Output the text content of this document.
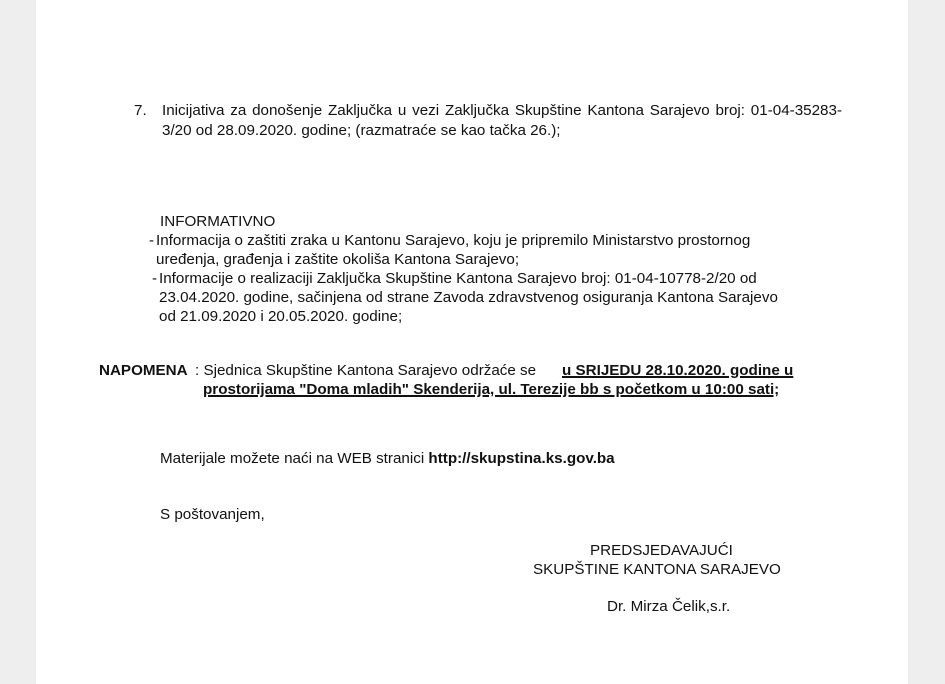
7. Inicijativa za donošenje Zaključka u vezi Zaključka Skupštine Kantona Sarajevo broj: 01-04-35283-3/20 od 28.09.2020. godine; (razmatraće se kao tačka 26.);
INFORMATIVNO
- Informacija o zaštiti zraka u Kantonu Sarajevo, koju je pripremilo Ministarstvo prostornog
uređenja, građenja i zaštite okoliša Kantona Sarajevo;
- Informacije o realizaciji Zaključka Skupštine Kantona Sarajevo broj: 01-04-10778-2/20 od
23.04.2020. godine, sačinjena od strane Zavoda zdravstvenog osiguranja Kantona Sarajevo
od 21.09.2020 i 20.05.2020. godine;
NAPOMENA : Sjednica Skupštine Kantona Sarajevo održaće se u SRIJEDU 28.10.2020. godine u
prostorijama "Doma mladih" Skenderija, ul. Terezije bb s početkom u 10:00 sati;
Materijale možete naći na WEB stranici http://skupstina.ks.gov.ba
S poštovanjem,
PREDSJEDAVAJUĆI
SKUPŠTINE KANTONA SARAJEVO
Dr. Mirza Čelik,s.r.
